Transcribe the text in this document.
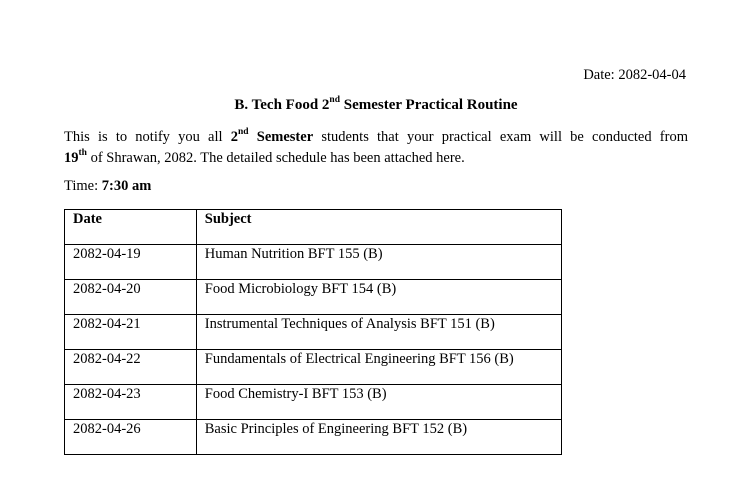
Date: 2082-04-04
B. Tech Food 2nd Semester Practical Routine
This is to notify you all 2nd Semester students that your practical exam will be conducted from
19th of Shrawan, 2082. The detailed schedule has been attached here.
Time: 7:30 am
Date	Subject
2082-04-19	Human Nutrition BFT 155 (B)
2082-04-20	Food Microbiology BFT 154 (B)
2082-04-21	Instrumental Techniques of Analysis BFT 151 (B)
2082-04-22	Fundamentals of Electrical Engineering BFT 156 (B)
2082-04-23	Food Chemistry-I BFT 153 (B)
2082-04-26	Basic Principles of Engineering BFT 152 (B)
